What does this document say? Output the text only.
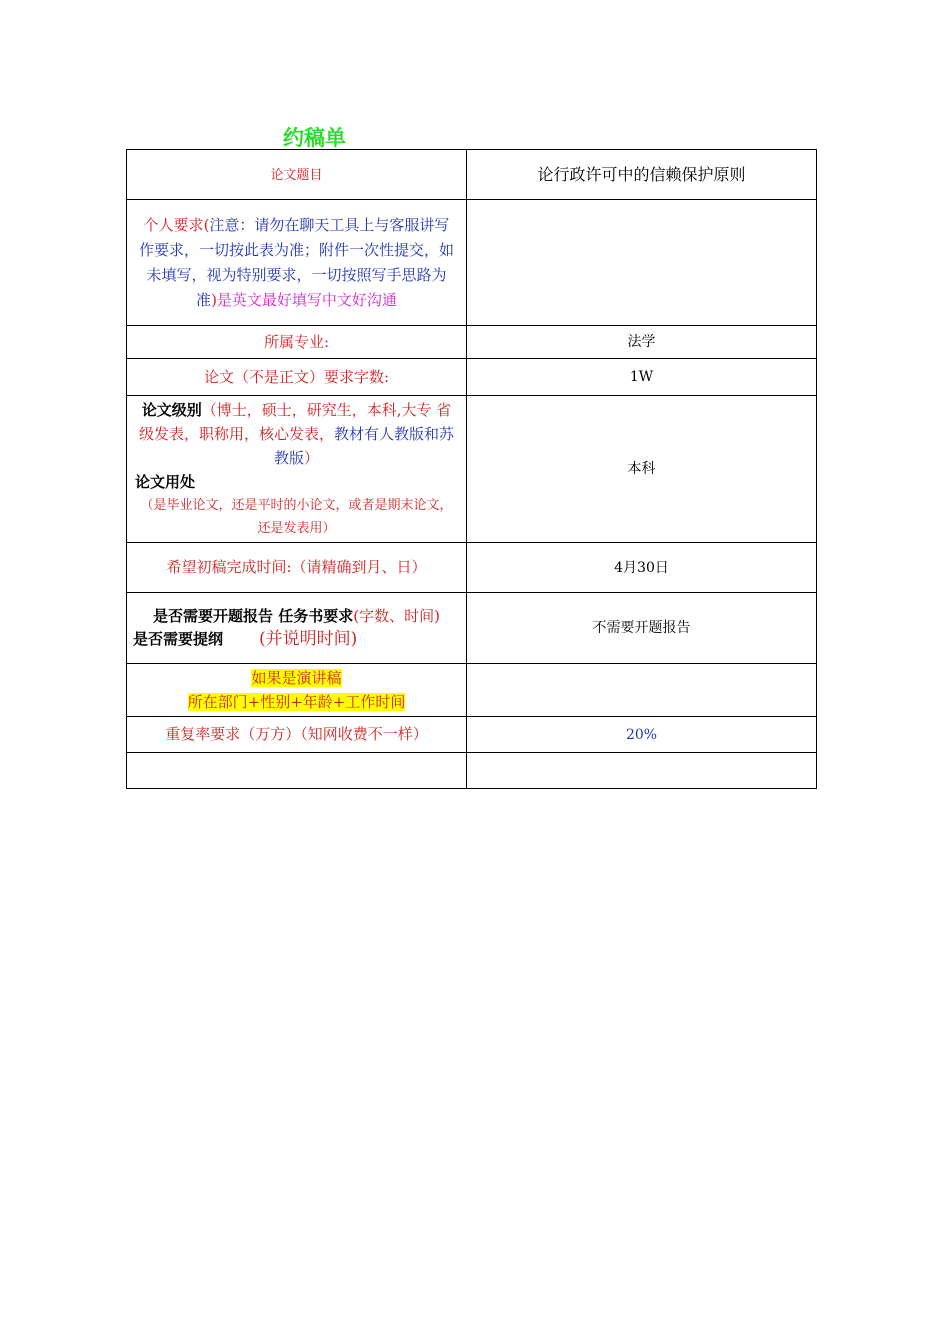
约稿单
论文题目	论行政许可中的信赖保护原则
个人要求(注意：请勿在聊天工具上与客服讲写作要求，一切按此表为准；附件一次性提交，如未填写，视为特别要求，一切按照写手思路为准)是英文最好填写中文好沟通	
所属专业:	法学
论文（不是正文）要求字数:	1W
论文级别（博士，硕士，研究生，本科,大专 省级发表，职称用，核心发表，教材有人教版和苏教版）
论文用处
（是毕业论文，还是平时的小论文，或者是期末论文，还是发表用）	本科
希望初稿完成时间:（请精确到月、日）	4月30日
是否需要开题报告 任务书要求(字数、时间)
是否需要提纲 (并说明时间)	不需要开题报告

如果是演讲稿
所在部门+性别+年龄+工作时间	

重复率要求（万方）（知网收费不一样）	20%
